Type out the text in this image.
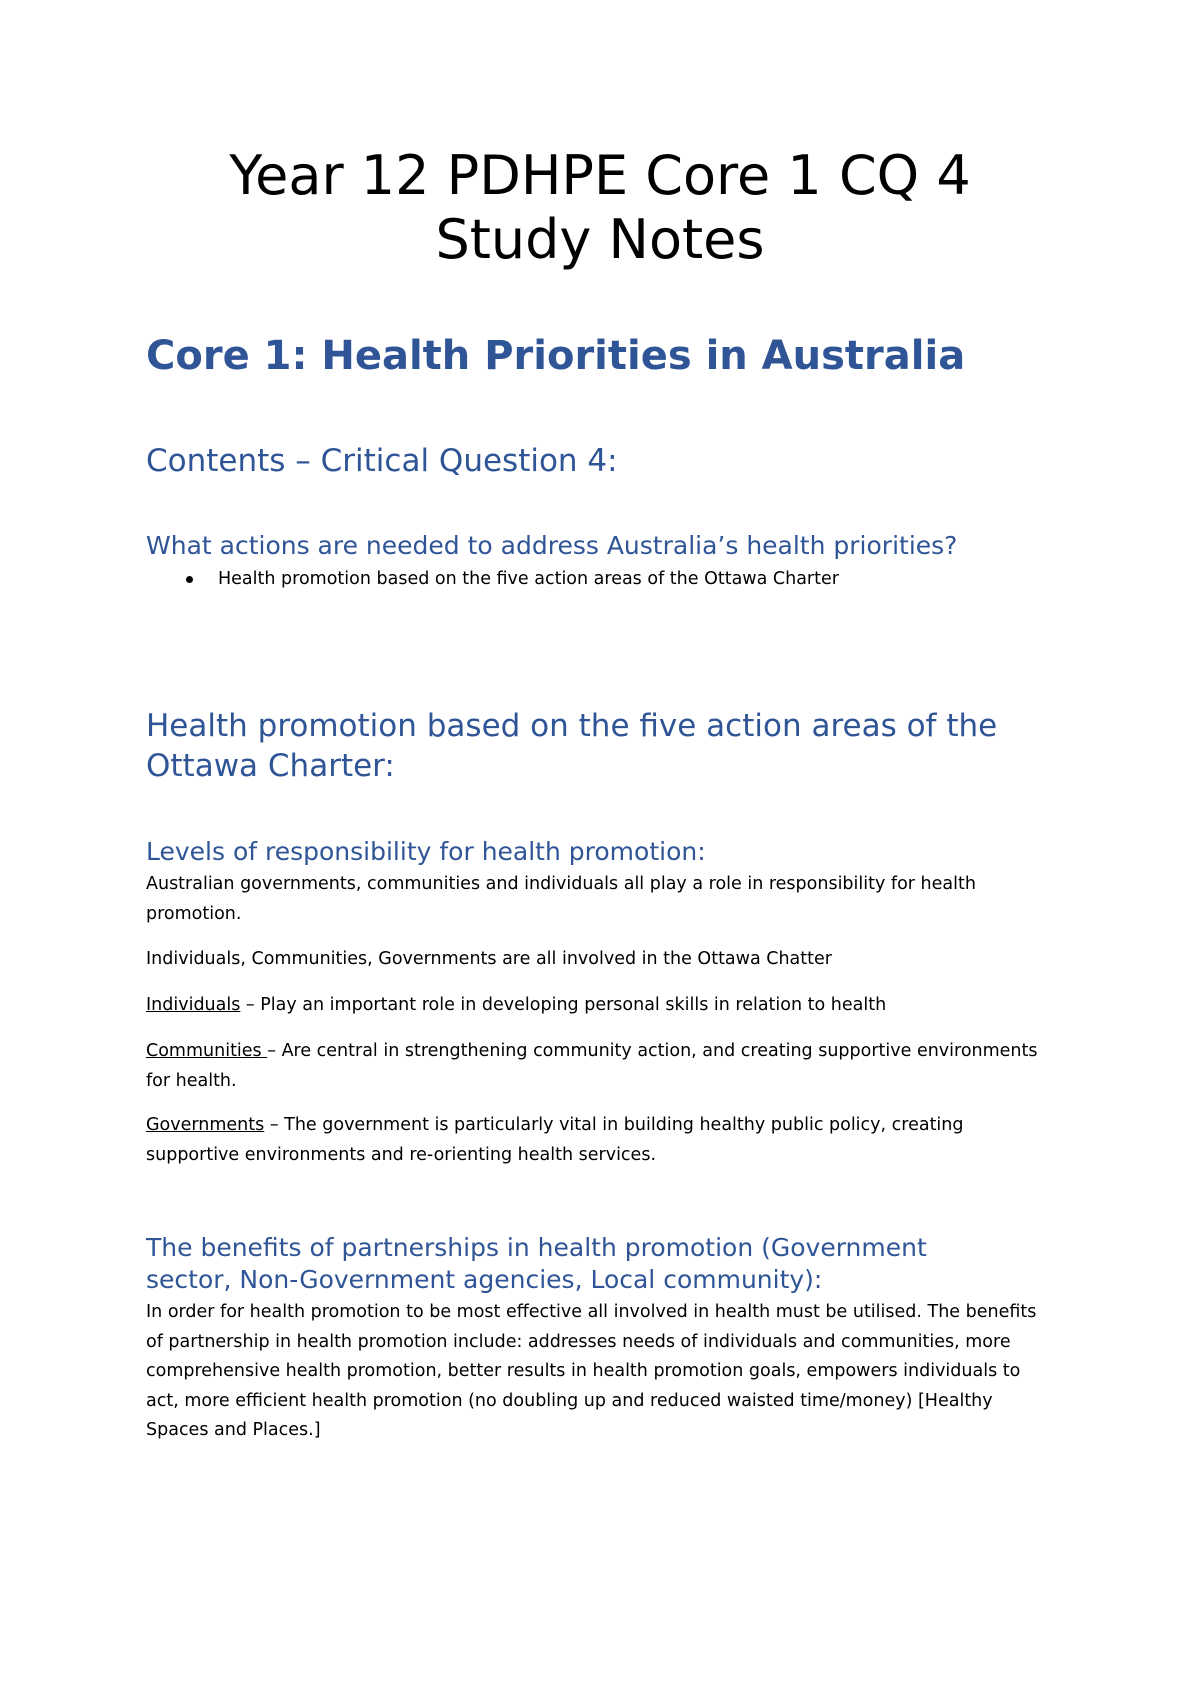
Year 12 PDHPE Core 1 CQ 4
Study Notes
Core 1: Health Priorities in Australia
Contents – Critical Question 4:
What actions are needed to address Australia’s health priorities?
Health promotion based on the five action areas of the Ottawa Charter
Health promotion based on the five action areas of the
Ottawa Charter:
Levels of responsibility for health promotion:

Australian governments, communities and individuals all play a role in responsibility for health promotion.

Individuals, Communities, Governments are all involved in the Ottawa Chatter

Individuals – Play an important role in developing personal skills in relation to health

Communities – Are central in strengthening community action, and creating supportive environments for health.

Governments – The government is particularly vital in building healthy public policy, creating supportive environments and re-orienting health services.

The benefits of partnerships in health promotion (Government
sector, Non-Government agencies, Local community):

In order for health promotion to be most effective all involved in health must be utilised. The benefits of partnership in health promotion include: addresses needs of individuals and communities, more comprehensive health promotion, better results in health promotion goals, empowers individuals to act, more efficient health promotion (no doubling up and reduced waisted time/money) [Healthy Spaces and Places.]
